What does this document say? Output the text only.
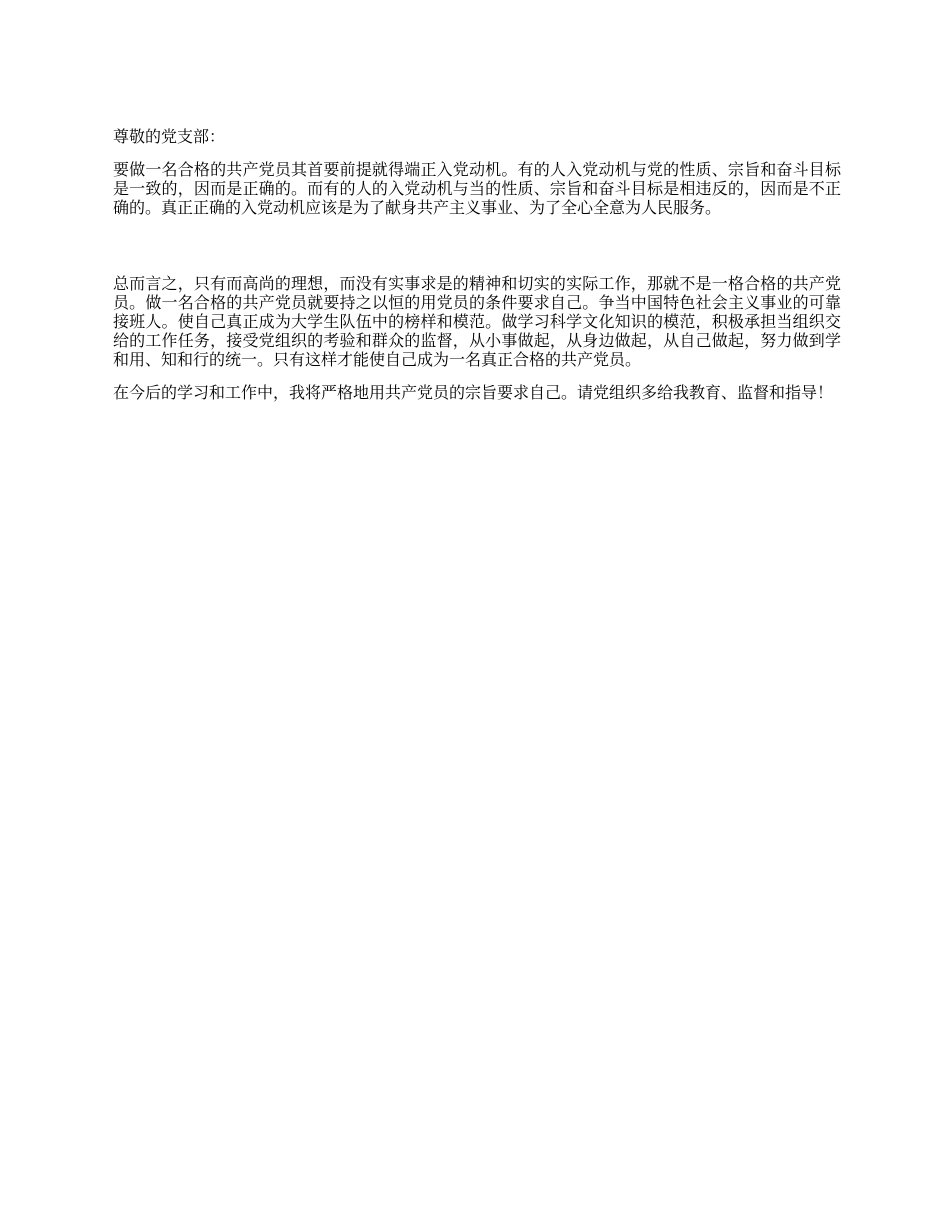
尊敬的党支部：

要做一名合格的共产党员其首要前提就得端正入党动机。有的人入党动机与党的性质、宗旨和奋斗目标是一致的，因而是正确的。而有的人的入党动机与当的性质、宗旨和奋斗目标是相违反的，因而是不正确的。真正正确的入党动机应该是为了献身共产主义事业、为了全心全意为人民服务。

总而言之，只有而高尚的理想，而没有实事求是的精神和切实的实际工作，那就不是一格合格的共产党员。做一名合格的共产党员就要持之以恒的用党员的条件要求自己。争当中国特色社会主义事业的可靠接班人。使自己真正成为大学生队伍中的榜样和模范。做学习科学文化知识的模范，积极承担当组织交给的工作任务，接受党组织的考验和群众的监督，从小事做起，从身边做起，从自己做起，努力做到学和用、知和行的统一。只有这样才能使自己成为一名真正合格的共产党员。

在今后的学习和工作中，我将严格地用共产党员的宗旨要求自己。请党组织多给我教育、监督和指导！
